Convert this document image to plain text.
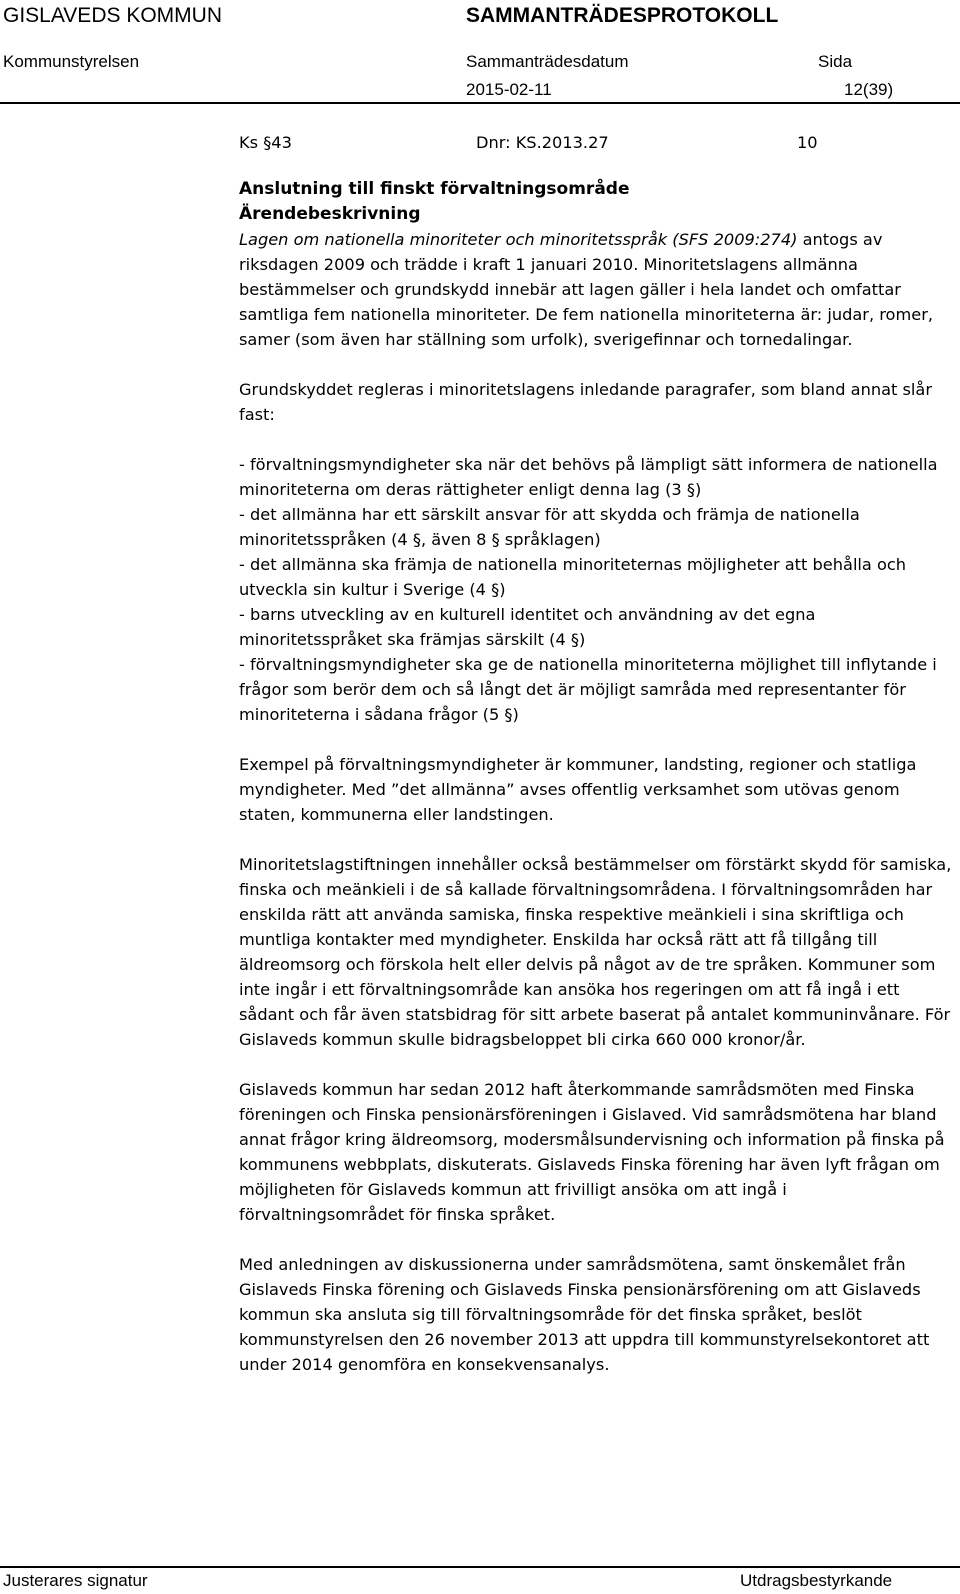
GISLAVEDS KOMMUN	SAMMANTRÄDESPROTOKOLL
Kommunstyrelsen	Sammanträdesdatum	Sida
2015-02-11	12(39)
Ks §43	Dnr: KS.2013.27	10

Anslutning till finskt förvaltningsområde

Ärendebeskrivning

Lagen om nationella minoriteter och minoritetsspråk (SFS 2009:274) antogs av riksdagen 2009 och trädde i kraft 1 januari 2010. Minoritetslagens allmänna bestämmelser och grundskydd innebär att lagen gäller i hela landet och omfattar samtliga fem nationella minoriteter. De fem nationella minoriteterna är: judar, romer, samer (som även har ställning som urfolk), sverigefinnar och tornedalingar.

Grundskyddet regleras i minoritetslagens inledande paragrafer, som bland annat slår fast:

- förvaltningsmyndigheter ska när det behövs på lämpligt sätt informera de nationella minoriteterna om deras rättigheter enligt denna lag (3 §)

- det allmänna har ett särskilt ansvar för att skydda och främja de nationella minoritetsspråken (4 §, även 8 § språklagen)

- det allmänna ska främja de nationella minoriteternas möjligheter att behålla och utveckla sin kultur i Sverige (4 §)

- barns utveckling av en kulturell identitet och användning av det egna minoritetsspråket ska främjas särskilt (4 §)

- förvaltningsmyndigheter ska ge de nationella minoriteterna möjlighet till inflytande i frågor som berör dem och så långt det är möjligt samråda med representanter för minoriteterna i sådana frågor (5 §)

Exempel på förvaltningsmyndigheter är kommuner, landsting, regioner och statliga myndigheter. Med ”det allmänna” avses offentlig verksamhet som utövas genom staten, kommunerna eller landstingen.

Minoritetslagstiftningen innehåller också bestämmelser om förstärkt skydd för samiska, finska och meänkieli i de så kallade förvaltningsområdena. I förvaltningsområden har enskilda rätt att använda samiska, finska respektive meänkieli i sina skriftliga och muntliga kontakter med myndigheter. Enskilda har också rätt att få tillgång till äldreomsorg och förskola helt eller delvis på något av de tre språken. Kommuner som inte ingår i ett förvaltningsområde kan ansöka hos regeringen om att få ingå i ett sådant och får även statsbidrag för sitt arbete baserat på antalet kommuninvånare. För Gislaveds kommun skulle bidragsbeloppet bli cirka 660 000 kronor/år.

Gislaveds kommun har sedan 2012 haft återkommande samrådsmöten med Finska föreningen och Finska pensionärsföreningen i Gislaved. Vid samrådsmötena har bland annat frågor kring äldreomsorg, modersmålsundervisning och information på finska på kommunens webbplats, diskuterats. Gislaveds Finska förening har även lyft frågan om möjligheten för Gislaveds kommun att frivilligt ansöka om att ingå i förvaltningsområdet för finska språket.

Med anledningen av diskussionerna under samrådsmötena, samt önskemålet från Gislaveds Finska förening och Gislaveds Finska pensionärsförening om att Gislaveds kommun ska ansluta sig till förvaltningsområde för det finska språket, beslöt kommunstyrelsen den 26 november 2013 att uppdra till kommunstyrelsekontoret att under 2014 genomföra en konsekvensanalys.

Justerares signatur	Utdragsbestyrkande
